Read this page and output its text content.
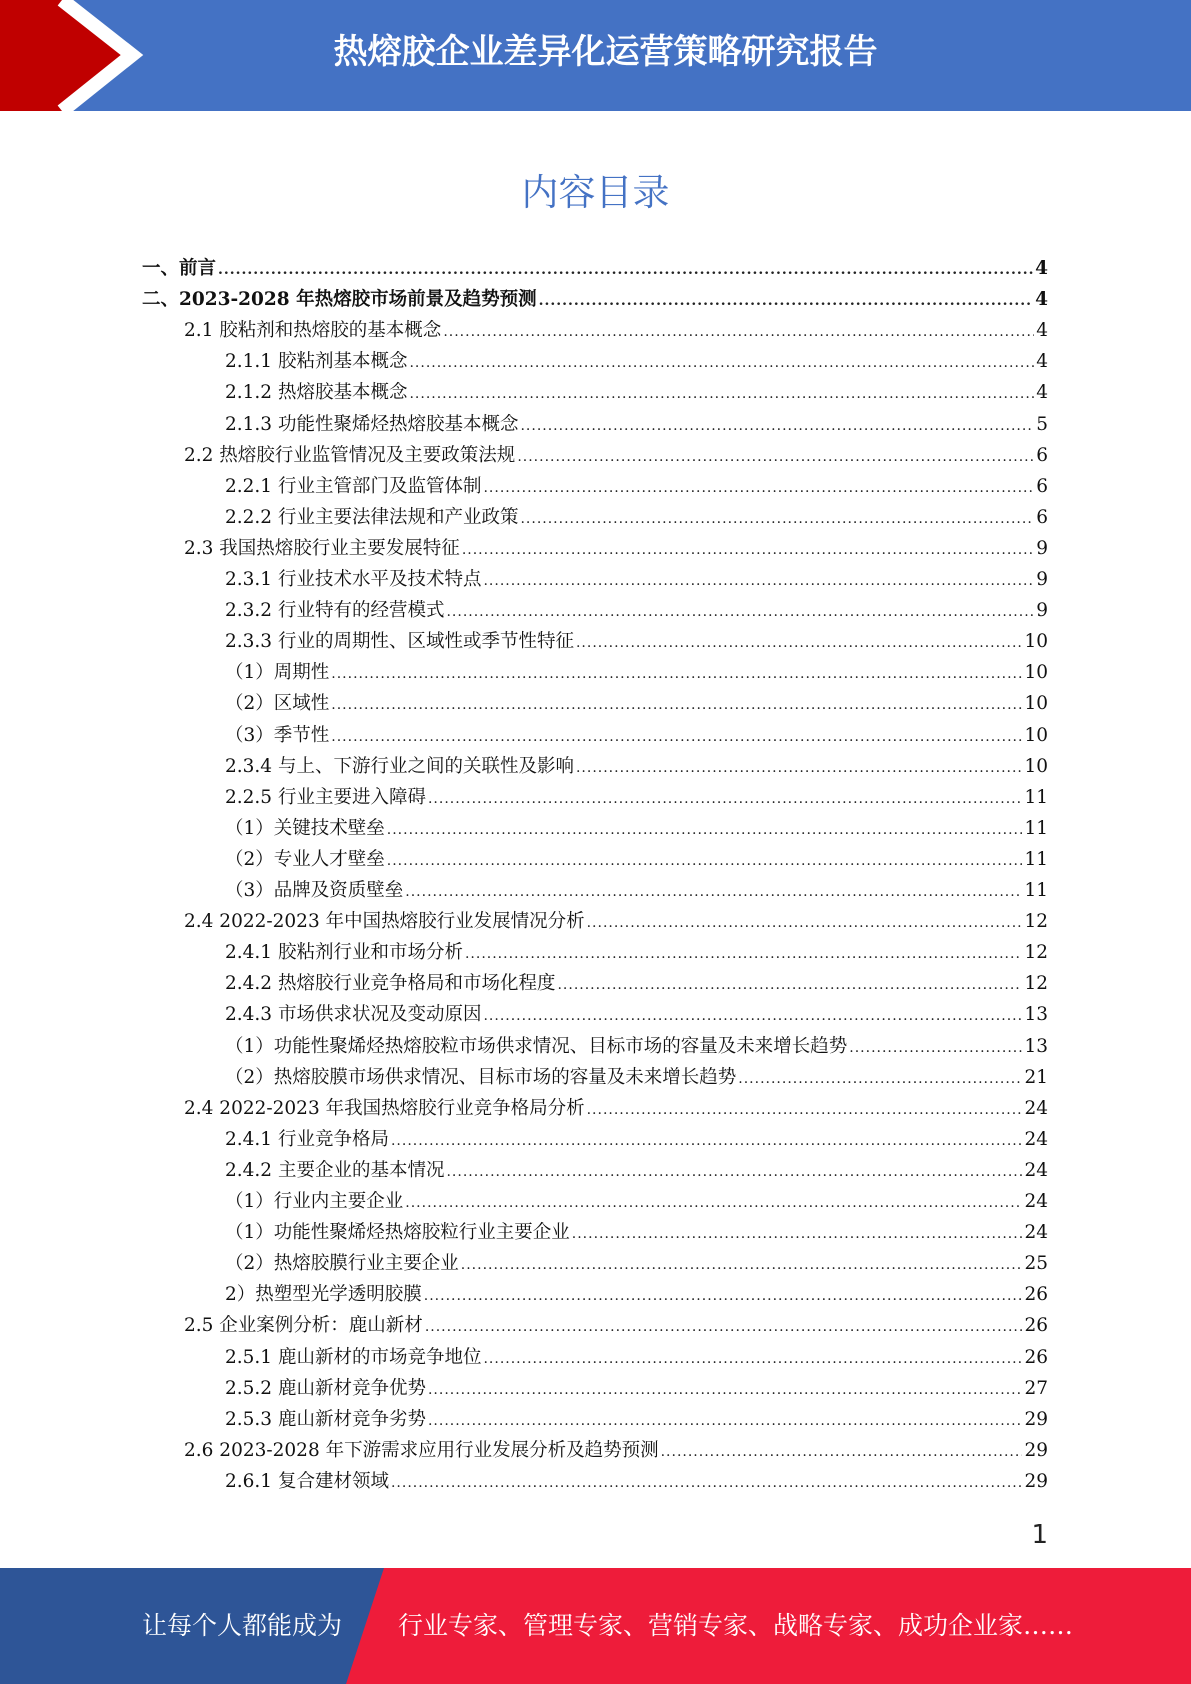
热熔胶企业差异化运营策略研究报告
内容目录
一、前言 .....	4
二、2023-2028 年热熔胶市场前景及趋势预测 .....	4
2.1 胶粘剂和热熔胶的基本概念 .....	4
2.1.1 胶粘剂基本概念 .....	4
2.1.2 热熔胶基本概念 .....	4
2.1.3 功能性聚烯烃热熔胶基本概念 .....	5
2.2 热熔胶行业监管情况及主要政策法规 .....	6
2.2.1 行业主管部门及监管体制 .....	6
2.2.2 行业主要法律法规和产业政策 .....	6
2.3 我国热熔胶行业主要发展特征 .....	9
2.3.1 行业技术水平及技术特点 .....	9
2.3.2 行业特有的经营模式 .....	9
2.3.3 行业的周期性、区域性或季节性特征 .....	10
（1）周期性 .....	10
（2）区域性 .....	10
（3）季节性 .....	10
2.3.4 与上、下游行业之间的关联性及影响 .....	10
2.2.5 行业主要进入障碍 .....	11
（1）关键技术壁垒 .....	11
（2）专业人才壁垒 .....	11
（3）品牌及资质壁垒 .....	11
2.4 2022-2023 年中国热熔胶行业发展情况分析 .....	12
2.4.1 胶粘剂行业和市场分析 .....	12
2.4.2 热熔胶行业竞争格局和市场化程度 .....	12
2.4.3 市场供求状况及变动原因 .....	13
（1）功能性聚烯烃热熔胶粒市场供求情况、目标市场的容量及未来增长趋势 .....	13
（2）热熔胶膜市场供求情况、目标市场的容量及未来增长趋势 .....	21
2.4 2022-2023 年我国热熔胶行业竞争格局分析 .....	24
2.4.1 行业竞争格局 .....	24
2.4.2 主要企业的基本情况 .....	24
（1）行业内主要企业 .....	24
（1）功能性聚烯烃热熔胶粒行业主要企业 .....	24
（2）热熔胶膜行业主要企业 .....	25
2）热塑型光学透明胶膜 .....	26
2.5 企业案例分析：鹿山新材 .....	26
2.5.1 鹿山新材的市场竞争地位 .....	26
2.5.2 鹿山新材竞争优势 .....	27
2.5.3 鹿山新材竞争劣势 .....	29
2.6 2023-2028 年下游需求应用行业发展分析及趋势预测 .....	29
2.6.1 复合建材领域 .....	29
1
让每个人都能成为 行业专家、管理专家、营销专家、战略专家、成功企业家……
